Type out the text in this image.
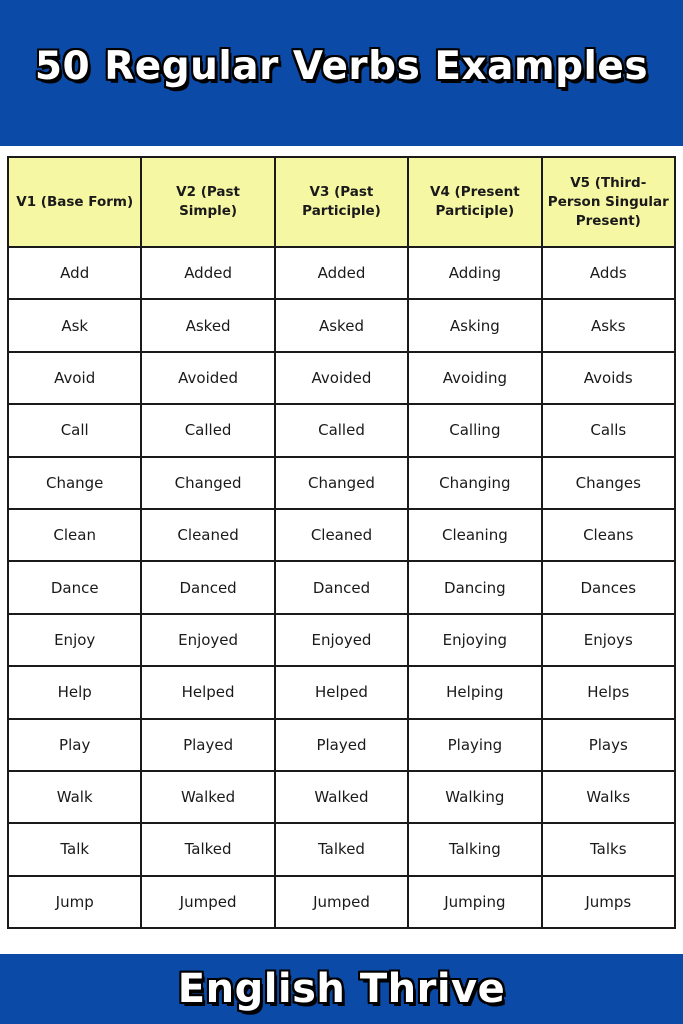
50 Regular Verbs Examples
V1 (Base Form)	V2 (Past Simple)	V3 (Past Participle)	V4 (Present Participle)	V5 (Third-Person Singular Present)
Add	Added	Added	Adding	Adds
Ask	Asked	Asked	Asking	Asks
Avoid	Avoided	Avoided	Avoiding	Avoids
Call	Called	Called	Calling	Calls
Change	Changed	Changed	Changing	Changes
Clean	Cleaned	Cleaned	Cleaning	Cleans
Dance	Danced	Danced	Dancing	Dances
Enjoy	Enjoyed	Enjoyed	Enjoying	Enjoys
Help	Helped	Helped	Helping	Helps
Play	Played	Played	Playing	Plays
Walk	Walked	Walked	Walking	Walks
Talk	Talked	Talked	Talking	Talks
Jump	Jumped	Jumped	Jumping	Jumps
English Thrive
